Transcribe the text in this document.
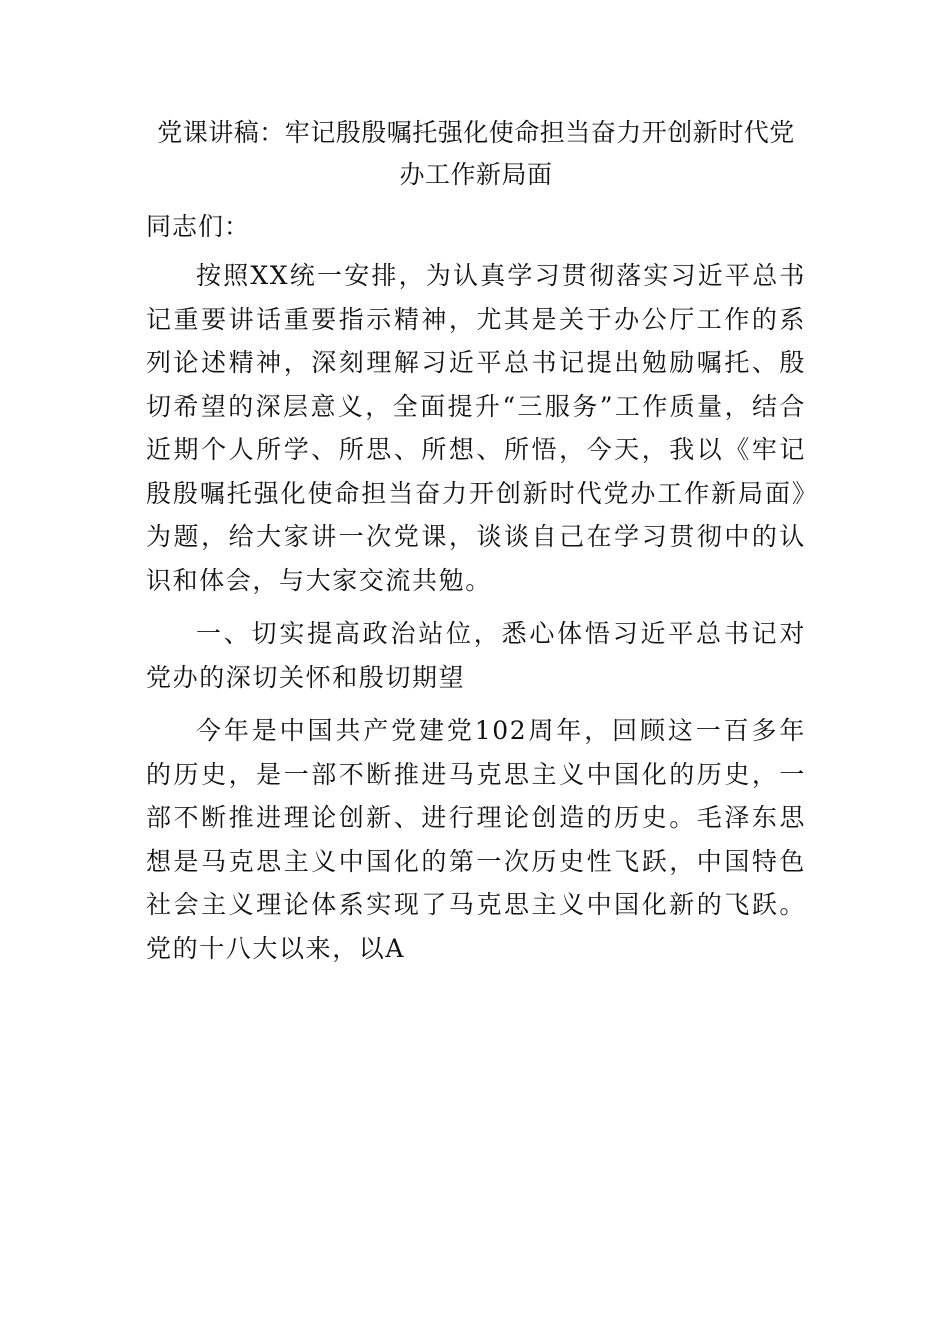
党课讲稿：牢记殷殷嘱托强化使命担当奋力开创新时代党办工作新局面

同志们：

按照XX统一安排，为认真学习贯彻落实习近平总书记重要讲话重要指示精神，尤其是关于办公厅工作的系列论述精神，深刻理解习近平总书记提出勉励嘱托、殷切希望的深层意义，全面提升“三服务”工作质量，结合近期个人所学、所思、所想、所悟，今天，我以《牢记殷殷嘱托强化使命担当奋力开创新时代党办工作新局面》为题，给大家讲一次党课，谈谈自己在学习贯彻中的认识和体会，与大家交流共勉。

一、切实提高政治站位，悉心体悟习近平总书记对党办的深切关怀和殷切期望

今年是中国共产党建党102周年，回顾这一百多年的历史，是一部不断推进马克思主义中国化的历史，一部不断推进理论创新、进行理论创造的历史。毛泽东思想是马克思主义中国化的第一次历史性飞跃，中国特色社会主义理论体系实现了马克思主义中国化新的飞跃。党的十八大以来，以A
